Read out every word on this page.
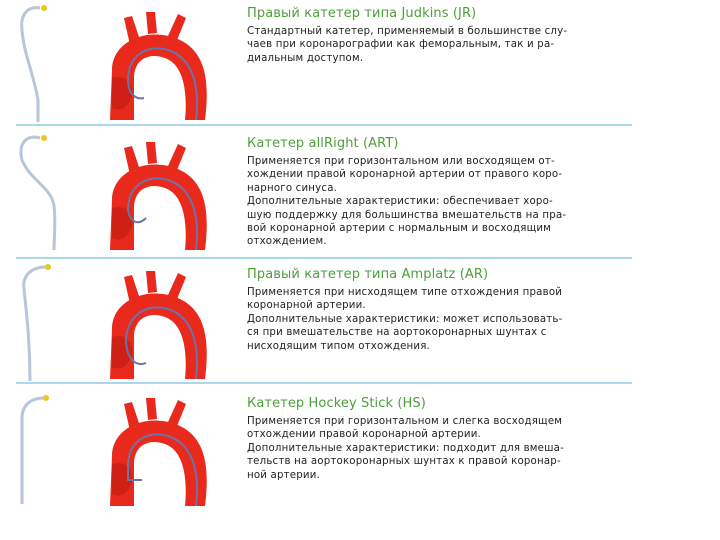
Правый катетер типа Judkins (JR)

Стандартный катетер, применяемый в большинстве слу-
чаев при коронарографии как феморальным, так и ра-
диальным доступом.

Катетер allRight (ART)

Применяется при горизонтальном или восходящем от-
хождении правой коронарной артерии от правого коро-
нарного синуса.
Дополнительные характеристики: обеспечивает хоро-
шую поддержку для большинства вмешательств на пра-
вой коронарной артерии с нормальным и восходящим
отхождением.

Правый катетер типа Amplatz (AR)

Применяется при нисходящем типе отхождения правой
коронарной артерии.
Дополнительные характеристики: может использовать-
ся при вмешательстве на аортокоронарных шунтах с
нисходящим типом отхождения.

Катетер Hockey Stick (HS)

Применяется при горизонтальном и слегка восходящем
отхождении правой коронарной артерии.
Дополнительные характеристики: подходит для вмеша-
тельств на аортокоронарных шунтах к правой коронар-
ной артерии.
